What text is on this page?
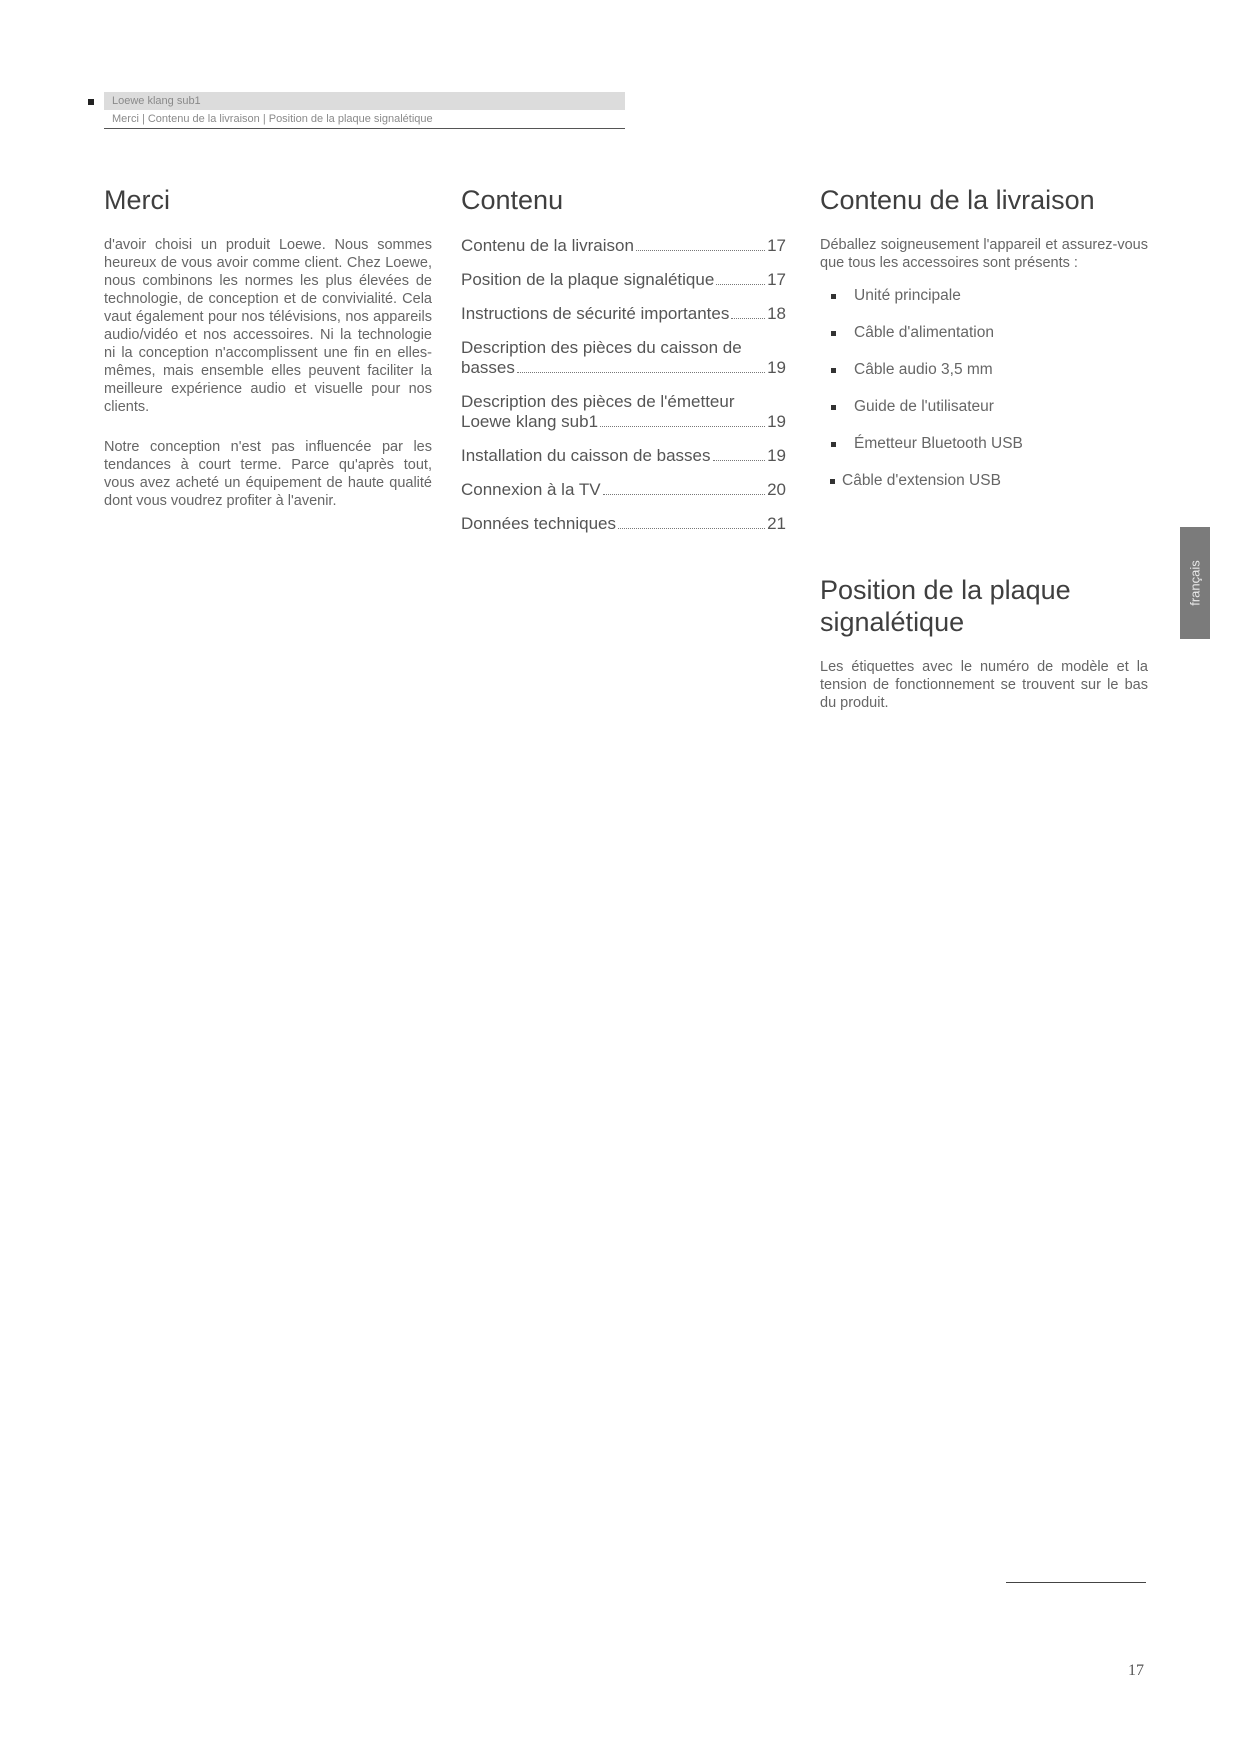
Loewe klang sub1
Merci | Contenu de la livraison | Position de la plaque signalétique
Merci

d'avoir choisi un produit Loewe. Nous sommes heureux de vous avoir comme client. Chez Loewe, nous combinons les normes les plus élevées de technologie, de conception et de convivialité. Cela vaut également pour nos télévisions, nos appareils audio/vidéo et nos accessoires. Ni la technologie ni la conception n'accomplissent une fin en elles-mêmes, mais ensemble elles peuvent faciliter la meilleure expérience audio et visuelle pour nos clients.

Notre conception n'est pas influencée par les tendances à court terme. Parce qu'après tout, vous avez acheté un équipement de haute qualité dont vous voudrez profiter à l'avenir.

Contenu
Contenu de la livraison	17
Position de la plaque signalétique	17
Instructions de sécurité importantes 18
Description des pièces du caisson de
basses	19
Description des pièces de l'émetteur
Loewe klang sub1	19
Installation du caisson de basses	19
Connexion à la TV	20
Données techniques	21
Contenu de la livraison

Déballez soigneusement l'appareil et assurez-vous que tous les accessoires sont présents :

Unité principale
Câble d'alimentation
Câble audio 3,5 mm
Guide de l'utilisateur
Émetteur Bluetooth USB
Câble d'extension USB
Position de la plaque signalétique

Les étiquettes avec le numéro de modèle et la tension de fonctionnement se trouvent sur le bas du produit.

français
17
